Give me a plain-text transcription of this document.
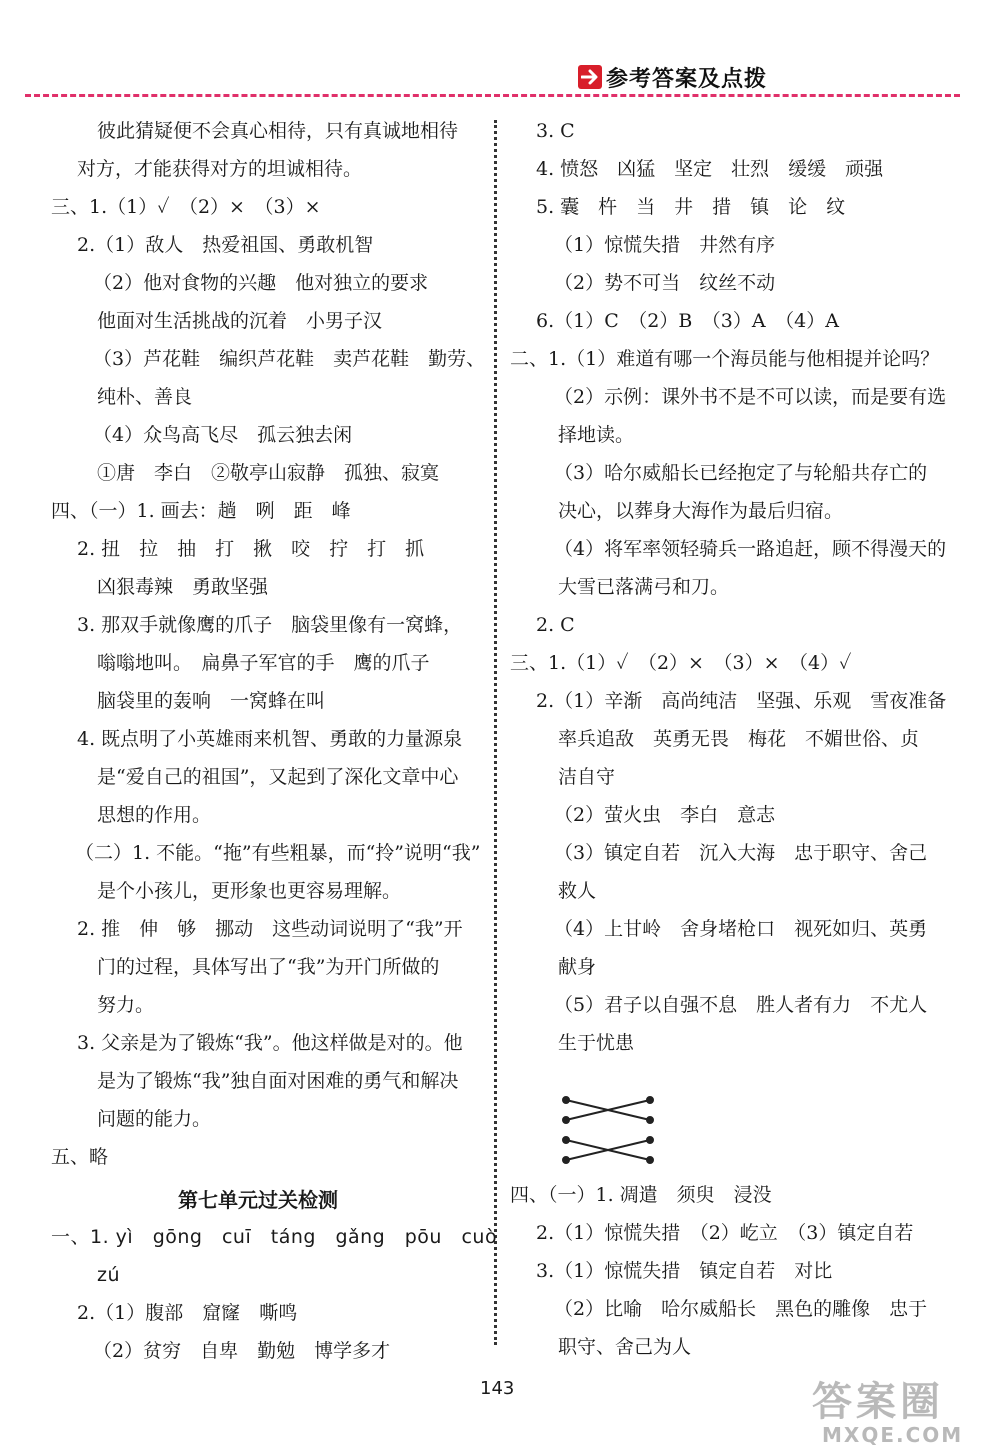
参考答案及点拨
彼此猜疑便不会真心相待，只有真诚地相待
对方，才能获得对方的坦诚相待。
三、1.（1）✓　（2）×　（3）×
2.（1）敌人　热爱祖国、勇敢机智
（2）他对食物的兴趣　他对独立的要求
他面对生活挑战的沉着　小男子汉
（3）芦花鞋　编织芦花鞋　卖芦花鞋　勤劳、
纯朴、善良
（4）众鸟高飞尽　孤云独去闲
①唐　李白　②敬亭山寂静　孤独、寂寞
四、（一）1. 画去：趟　咧　距　峰
2. 扭　拉　抽　打　揪　咬　拧　打　抓
凶狠毒辣　勇敢坚强
3. 那双手就像鹰的爪子　脑袋里像有一窝蜂，
嗡嗡地叫。　扁鼻子军官的手　鹰的爪子
脑袋里的轰响　一窝蜂在叫
4. 既点明了小英雄雨来机智、勇敢的力量源泉
是“爱自己的祖国”，又起到了深化文章中心
思想的作用。
（二）1. 不能。“拖”有些粗暴，而“拎”说明“我”
是个小孩儿，更形象也更容易理解。
2. 推　伸　够　挪动　这些动词说明了“我”开
门的过程，具体写出了“我”为开门所做的
努力。
3. 父亲是为了锻炼“我”。他这样做是对的。他
是为了锻炼“我”独自面对困难的勇气和解决
问题的能力。
五、略
第七单元过关检测
一、1. yì　gōng　cuī　táng　gǎng　pōu　cuò
zú
2.（1）腹部　窟窿　嘶鸣
（2）贫穷　自卑　勤勉　博学多才
3. C
4. 愤怒　凶猛　坚定　壮烈　缓缓　顽强
5. 囊　杵　当　井　措　镇　论　纹
（1）惊慌失措　井然有序
（2）势不可当　纹丝不动
6.（1）C　（2）B　（3）A　（4）A
二、1.（1）难道有哪一个海员能与他相提并论吗？
（2）示例：课外书不是不可以读，而是要有选
择地读。
（3）哈尔威船长已经抱定了与轮船共存亡的
决心，以葬身大海作为最后归宿。
（4）将军率领轻骑兵一路追赶，顾不得漫天的
大雪已落满弓和刀。
2. C
三、1.（1）✓　（2）×　（3）×　（4）✓
2.（1）辛渐　高尚纯洁　坚强、乐观　雪夜准备
率兵追敌　英勇无畏　梅花　不媚世俗、贞
洁自守
（2）萤火虫　李白　意志
（3）镇定自若　沉入大海　忠于职守、舍己
救人
（4）上甘岭　舍身堵枪口　视死如归、英勇
献身
（5）君子以自强不息　胜人者有力　不尤人
生于忧患
四、（一）1. 凋遣　须臾　浸没
2.（1）惊慌失措　（2）屹立　（3）镇定自若
3.（1）惊慌失措　镇定自若　对比
（2）比喻　哈尔威船长　黑色的雕像　忠于
职守、舍己为人
143	答案圈
MXQE.COM
